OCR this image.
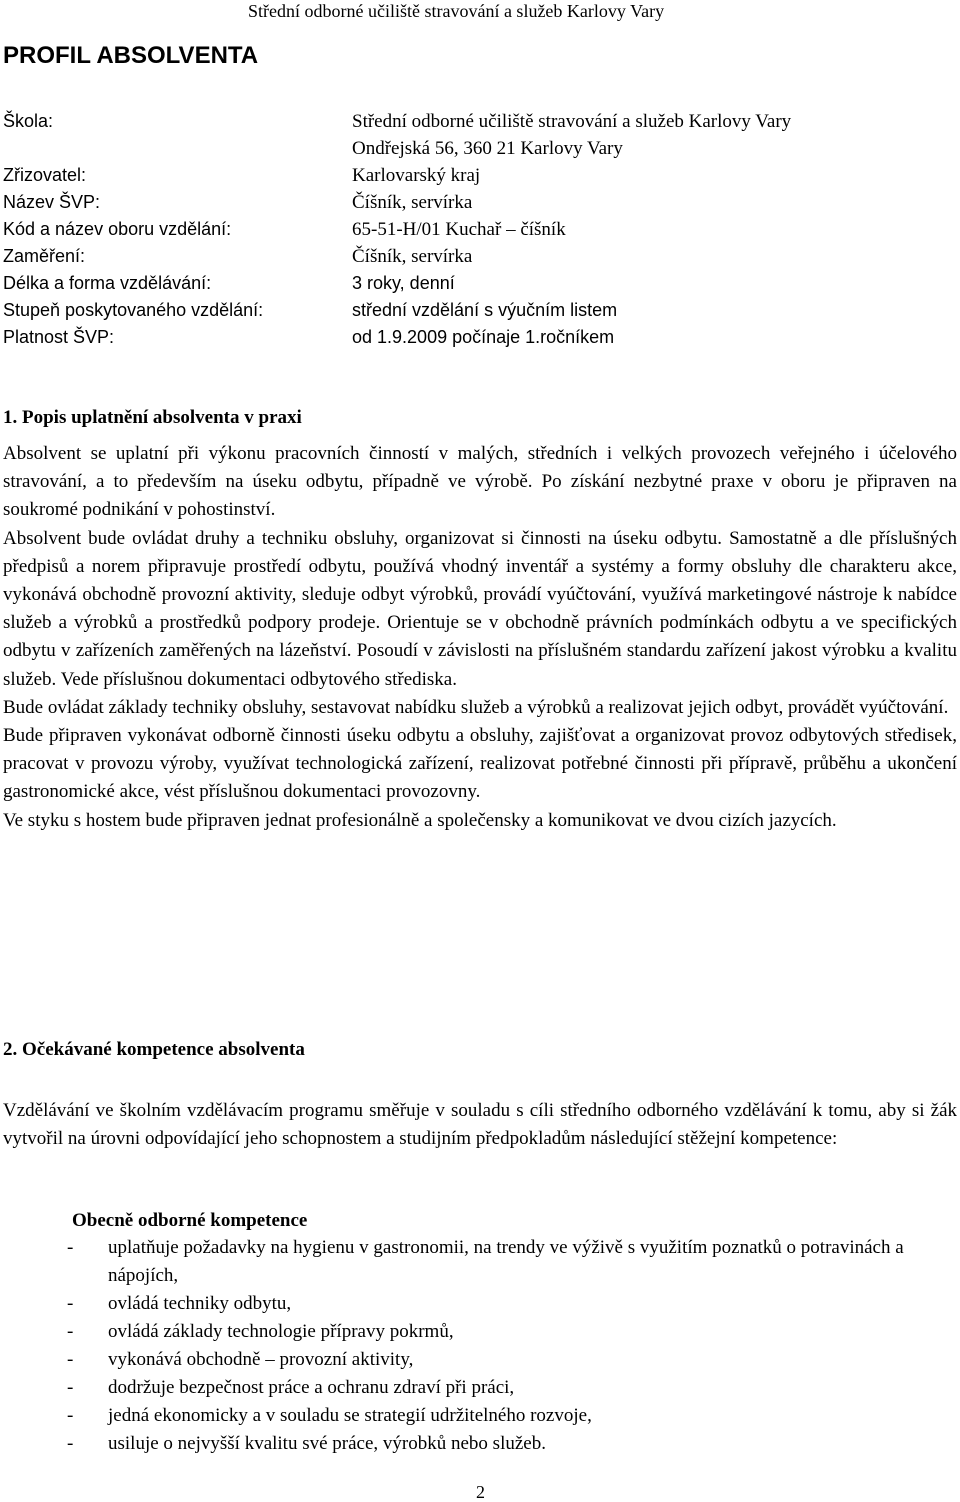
Střední odborné učiliště stravování a služeb Karlovy Vary
PROFIL ABSOLVENTA
Škola:	Střední odborné učiliště stravování a služeb Karlovy Vary
Ondřejská 56, 360 21 Karlovy Vary

Zřizovatel:	Karlovarský kraj
Název ŠVP:	Číšník, servírka
Kód a název oboru vzdělání:	65-51-H/01 Kuchař – číšník
Zaměření:	Číšník, servírka
Délka a forma vzdělávání:	3 roky, denní
Stupeň poskytovaného vzdělání:	střední vzdělání s výučním listem
Platnost ŠVP:	od 1.9.2009 počínaje 1.ročníkem
1. Popis uplatnění absolventa v praxi

Absolvent se uplatní při výkonu pracovních činností v malých, středních i velkých provozech veřejného i účelového stravování, a to především na úseku odbytu, případně ve výrobě. Po získání nezbytné praxe v oboru je připraven na soukromé podnikání v pohostinství.

Absolvent bude ovládat druhy a techniku obsluhy, organizovat si činnosti na úseku odbytu. Samostatně a dle příslušných předpisů a norem připravuje prostředí odbytu, používá vhodný inventář a systémy a formy obsluhy dle charakteru akce, vykonává obchodně provozní aktivity, sleduje odbyt výrobků, provádí vyúčtování, využívá marketingové nástroje k nabídce služeb a výrobků a prostředků podpory prodeje. Orientuje se v obchodně právních podmínkách odbytu a ve specifických odbytu v zařízeních zaměřených na lázeňství. Posoudí v závislosti na příslušném standardu zařízení jakost výrobku a kvalitu služeb. Vede příslušnou dokumentaci odbytového střediska.

Bude ovládat základy techniky obsluhy, sestavovat nabídku služeb a výrobků a realizovat jejich odbyt, provádět vyúčtování.

Bude připraven vykonávat odborně činnosti úseku odbytu a obsluhy, zajišťovat a organizovat provoz odbytových středisek, pracovat v provozu výroby, využívat technologická zařízení, realizovat potřebné činnosti při přípravě, průběhu a ukončení gastronomické akce, vést příslušnou dokumentaci provozovny.

Ve styku s hostem bude připraven jednat profesionálně a společensky a komunikovat ve dvou cizích jazycích.

2. Očekávané kompetence absolventa

Vzdělávání ve školním vzdělávacím programu směřuje v souladu s cíli středního odborného vzdělávání k tomu, aby si žák vytvořil na úrovni odpovídající jeho schopnostem a studijním předpokladům následující stěžejní kompetence:

Obecně odborné kompetence
- uplatňuje požadavky na hygienu v gastronomii, na trendy ve výživě s využitím poznatků o potravinách a nápojích,
- ovládá techniky odbytu,
- ovládá základy technologie přípravy pokrmů,
- vykonává obchodně – provozní aktivity,
- dodržuje bezpečnost práce a ochranu zdraví při práci,
- jedná ekonomicky a v souladu se strategií udržitelného rozvoje,
- usiluje o nejvyšší kvalitu své práce, výrobků nebo služeb.
2
